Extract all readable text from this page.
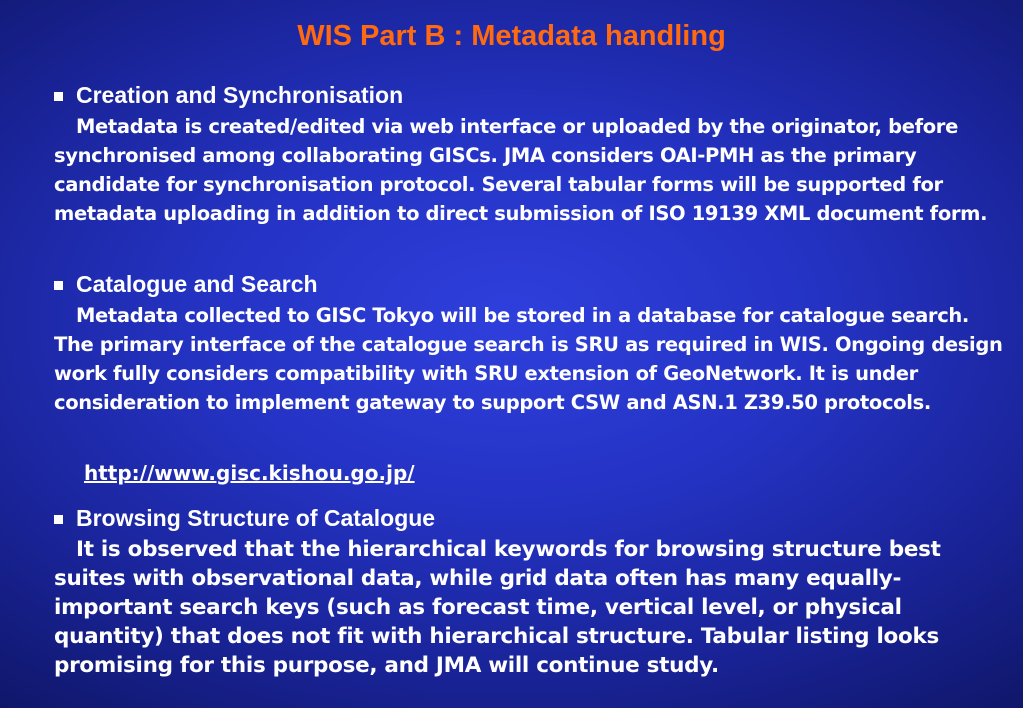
WIS Part B : Metadata handling
Creation and Synchronisation

Metadata is created/edited via web interface or uploaded by the originator, before synchronised among collaborating GISCs. JMA considers OAI-PMH as the primary candidate for synchronisation protocol. Several tabular forms will be supported for metadata uploading in addition to direct submission of ISO 19139 XML document form.

Catalogue and Search

Metadata collected to GISC Tokyo will be stored in a database for catalogue search. The primary interface of the catalogue search is SRU as required in WIS. Ongoing design work fully considers compatibility with SRU extension of GeoNetwork. It is under consideration to implement gateway to support CSW and ASN.1 Z39.50 protocols.

http://www.gisc.kishou.go.jp/
Browsing Structure of Catalogue

It is observed that the hierarchical keywords for browsing structure best suites with observational data, while grid data often has many equally-important search keys (such as forecast time, vertical level, or physical quantity) that does not fit with hierarchical structure. Tabular listing looks promising for this purpose, and JMA will continue study.
